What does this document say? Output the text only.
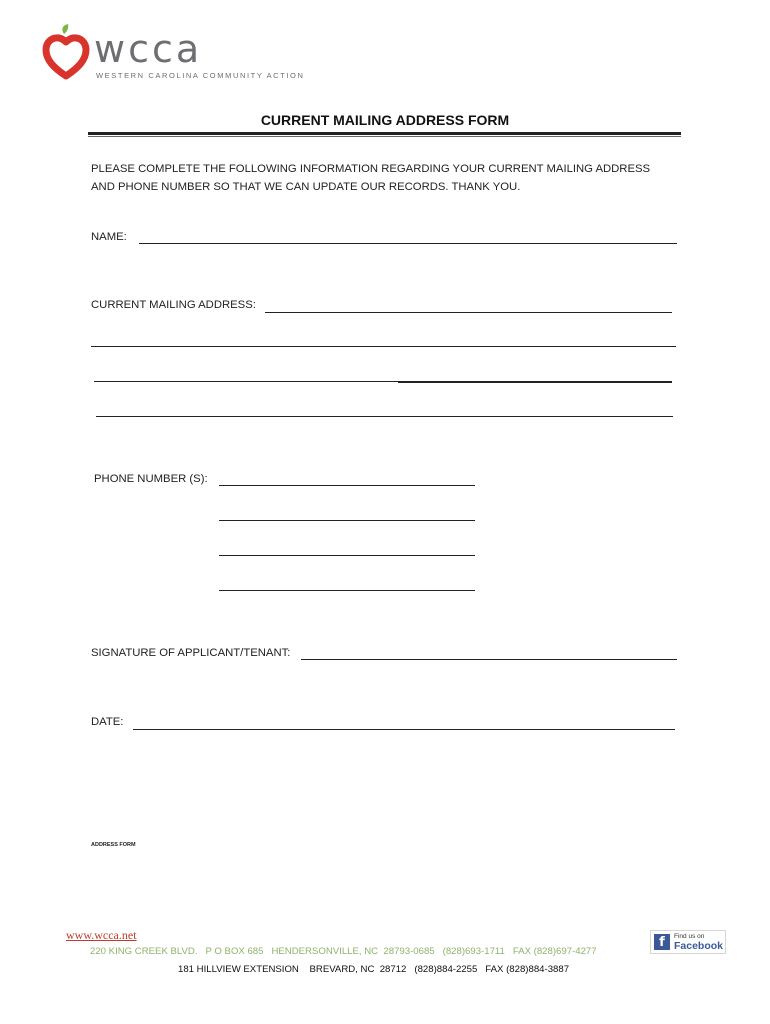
wcca
WESTERN CAROLINA COMMUNITY ACTION
CURRENT MAILING ADDRESS FORM
PLEASE COMPLETE THE FOLLOWING INFORMATION REGARDING YOUR CURRENT MAILING ADDRESS
AND PHONE NUMBER SO THAT WE CAN UPDATE OUR RECORDS. THANK YOU.
NAME:
CURRENT MAILING ADDRESS:
PHONE NUMBER (S):
SIGNATURE OF APPLICANT/TENANT:
DATE:
ADDRESS FORM
www.wcca.net
220 KING CREEK BLVD.   P O BOX 685   HENDERSONVILLE, NC  28793-0685   (828)693-1711   FAX (828)697-4277
181 HILLVIEW EXTENSION    BREVARD, NC  28712   (828)884-2255   FAX (828)884-3887
f	Find us on
Facebook
